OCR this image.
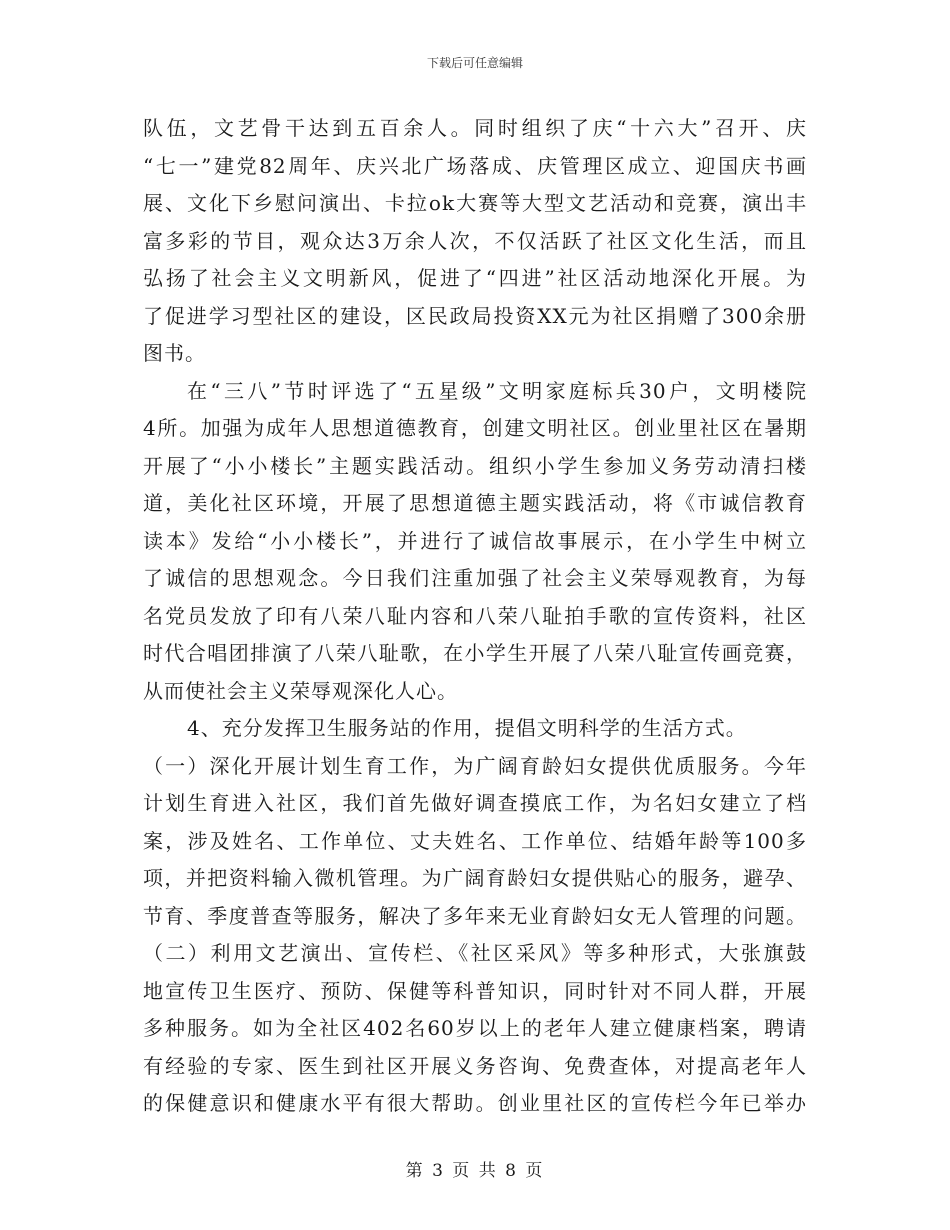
下载后可任意编辑
队伍，文艺骨干达到五百余人。同时组织了庆“十六大”召开、庆
“七一”建党82周年、庆兴北广场落成、庆管理区成立、迎国庆书画
展、文化下乡慰问演出、卡拉ok大赛等大型文艺活动和竞赛，演出丰
富多彩的节目，观众达3万余人次，不仅活跃了社区文化生活，而且
弘扬了社会主义文明新风，促进了“四进”社区活动地深化开展。为
了促进学习型社区的建设，区民政局投资XX元为社区捐赠了300余册
图书。
在“三八”节时评选了“五星级”文明家庭标兵30户，文明楼院
4所。加强为成年人思想道德教育，创建文明社区。创业里社区在暑期
开展了“小小楼长”主题实践活动。组织小学生参加义务劳动清扫楼
道，美化社区环境，开展了思想道德主题实践活动，将《市诚信教育
读本》发给“小小楼长”，并进行了诚信故事展示，在小学生中树立
了诚信的思想观念。今日我们注重加强了社会主义荣辱观教育，为每
名党员发放了印有八荣八耻内容和八荣八耻拍手歌的宣传资料，社区
时代合唱团排演了八荣八耻歌，在小学生开展了八荣八耻宣传画竞赛，
从而使社会主义荣辱观深化人心。
4、充分发挥卫生服务站的作用，提倡文明科学的生活方式。
（一）深化开展计划生育工作，为广阔育龄妇女提供优质服务。今年
计划生育进入社区，我们首先做好调查摸底工作，为名妇女建立了档
案，涉及姓名、工作单位、丈夫姓名、工作单位、结婚年龄等100多
项，并把资料输入微机管理。为广阔育龄妇女提供贴心的服务，避孕、
节育、季度普查等服务，解决了多年来无业育龄妇女无人管理的问题。
（二）利用文艺演出、宣传栏、《社区采风》等多种形式，大张旗鼓
地宣传卫生医疗、预防、保健等科普知识，同时针对不同人群，开展
多种服务。如为全社区402名60岁以上的老年人建立健康档案，聘请
有经验的专家、医生到社区开展义务咨询、免费查体，对提高老年人
的保健意识和健康水平有很大帮助。创业里社区的宣传栏今年已举办
第 3 页 共 8 页
